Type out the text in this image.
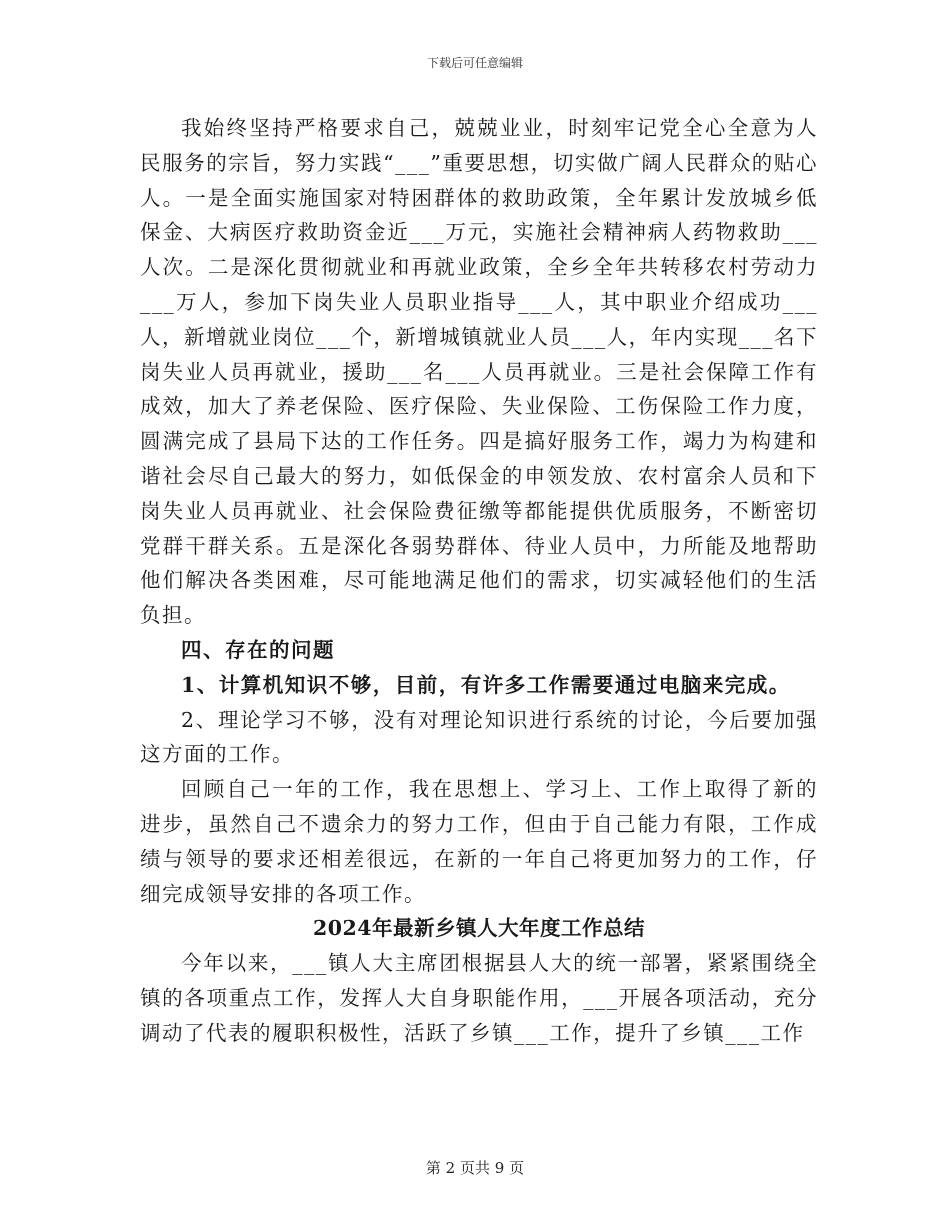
下载后可任意编辑

我始终坚持严格要求自己，兢兢业业，时刻牢记党全心全意为人民服务的宗旨，努力实践“___”重要思想，切实做广阔人民群众的贴心人。一是全面实施国家对特困群体的救助政策，全年累计发放城乡低保金、大病医疗救助资金近___万元，实施社会精神病人药物救助___人次。二是深化贯彻就业和再就业政策，全乡全年共转移农村劳动力___万人，参加下岗失业人员职业指导___人，其中职业介绍成功___人，新增就业岗位___个，新增城镇就业人员___人，年内实现___名下岗失业人员再就业，援助___名___人员再就业。三是社会保障工作有成效，加大了养老保险、医疗保险、失业保险、工伤保险工作力度，圆满完成了县局下达的工作任务。四是搞好服务工作，竭力为构建和谐社会尽自己最大的努力，如低保金的申领发放、农村富余人员和下岗失业人员再就业、社会保险费征缴等都能提供优质服务，不断密切党群干群关系。五是深化各弱势群体、待业人员中，力所能及地帮助他们解决各类困难，尽可能地满足他们的需求，切实减轻他们的生活负担。

四、存在的问题

1、计算机知识不够，目前，有许多工作需要通过电脑来完成。

2、理论学习不够，没有对理论知识进行系统的讨论，今后要加强这方面的工作。

回顾自己一年的工作，我在思想上、学习上、工作上取得了新的进步，虽然自己不遗余力的努力工作，但由于自己能力有限，工作成绩与领导的要求还相差很远，在新的一年自己将更加努力的工作，仔细完成领导安排的各项工作。

2024年最新乡镇人大年度工作总结

今年以来，___镇人大主席团根据县人大的统一部署，紧紧围绕全镇的各项重点工作，发挥人大自身职能作用，___开展各项活动，充分调动了代表的履职积极性，活跃了乡镇___工作，提升了乡镇___工作

第 2 页共 9 页
